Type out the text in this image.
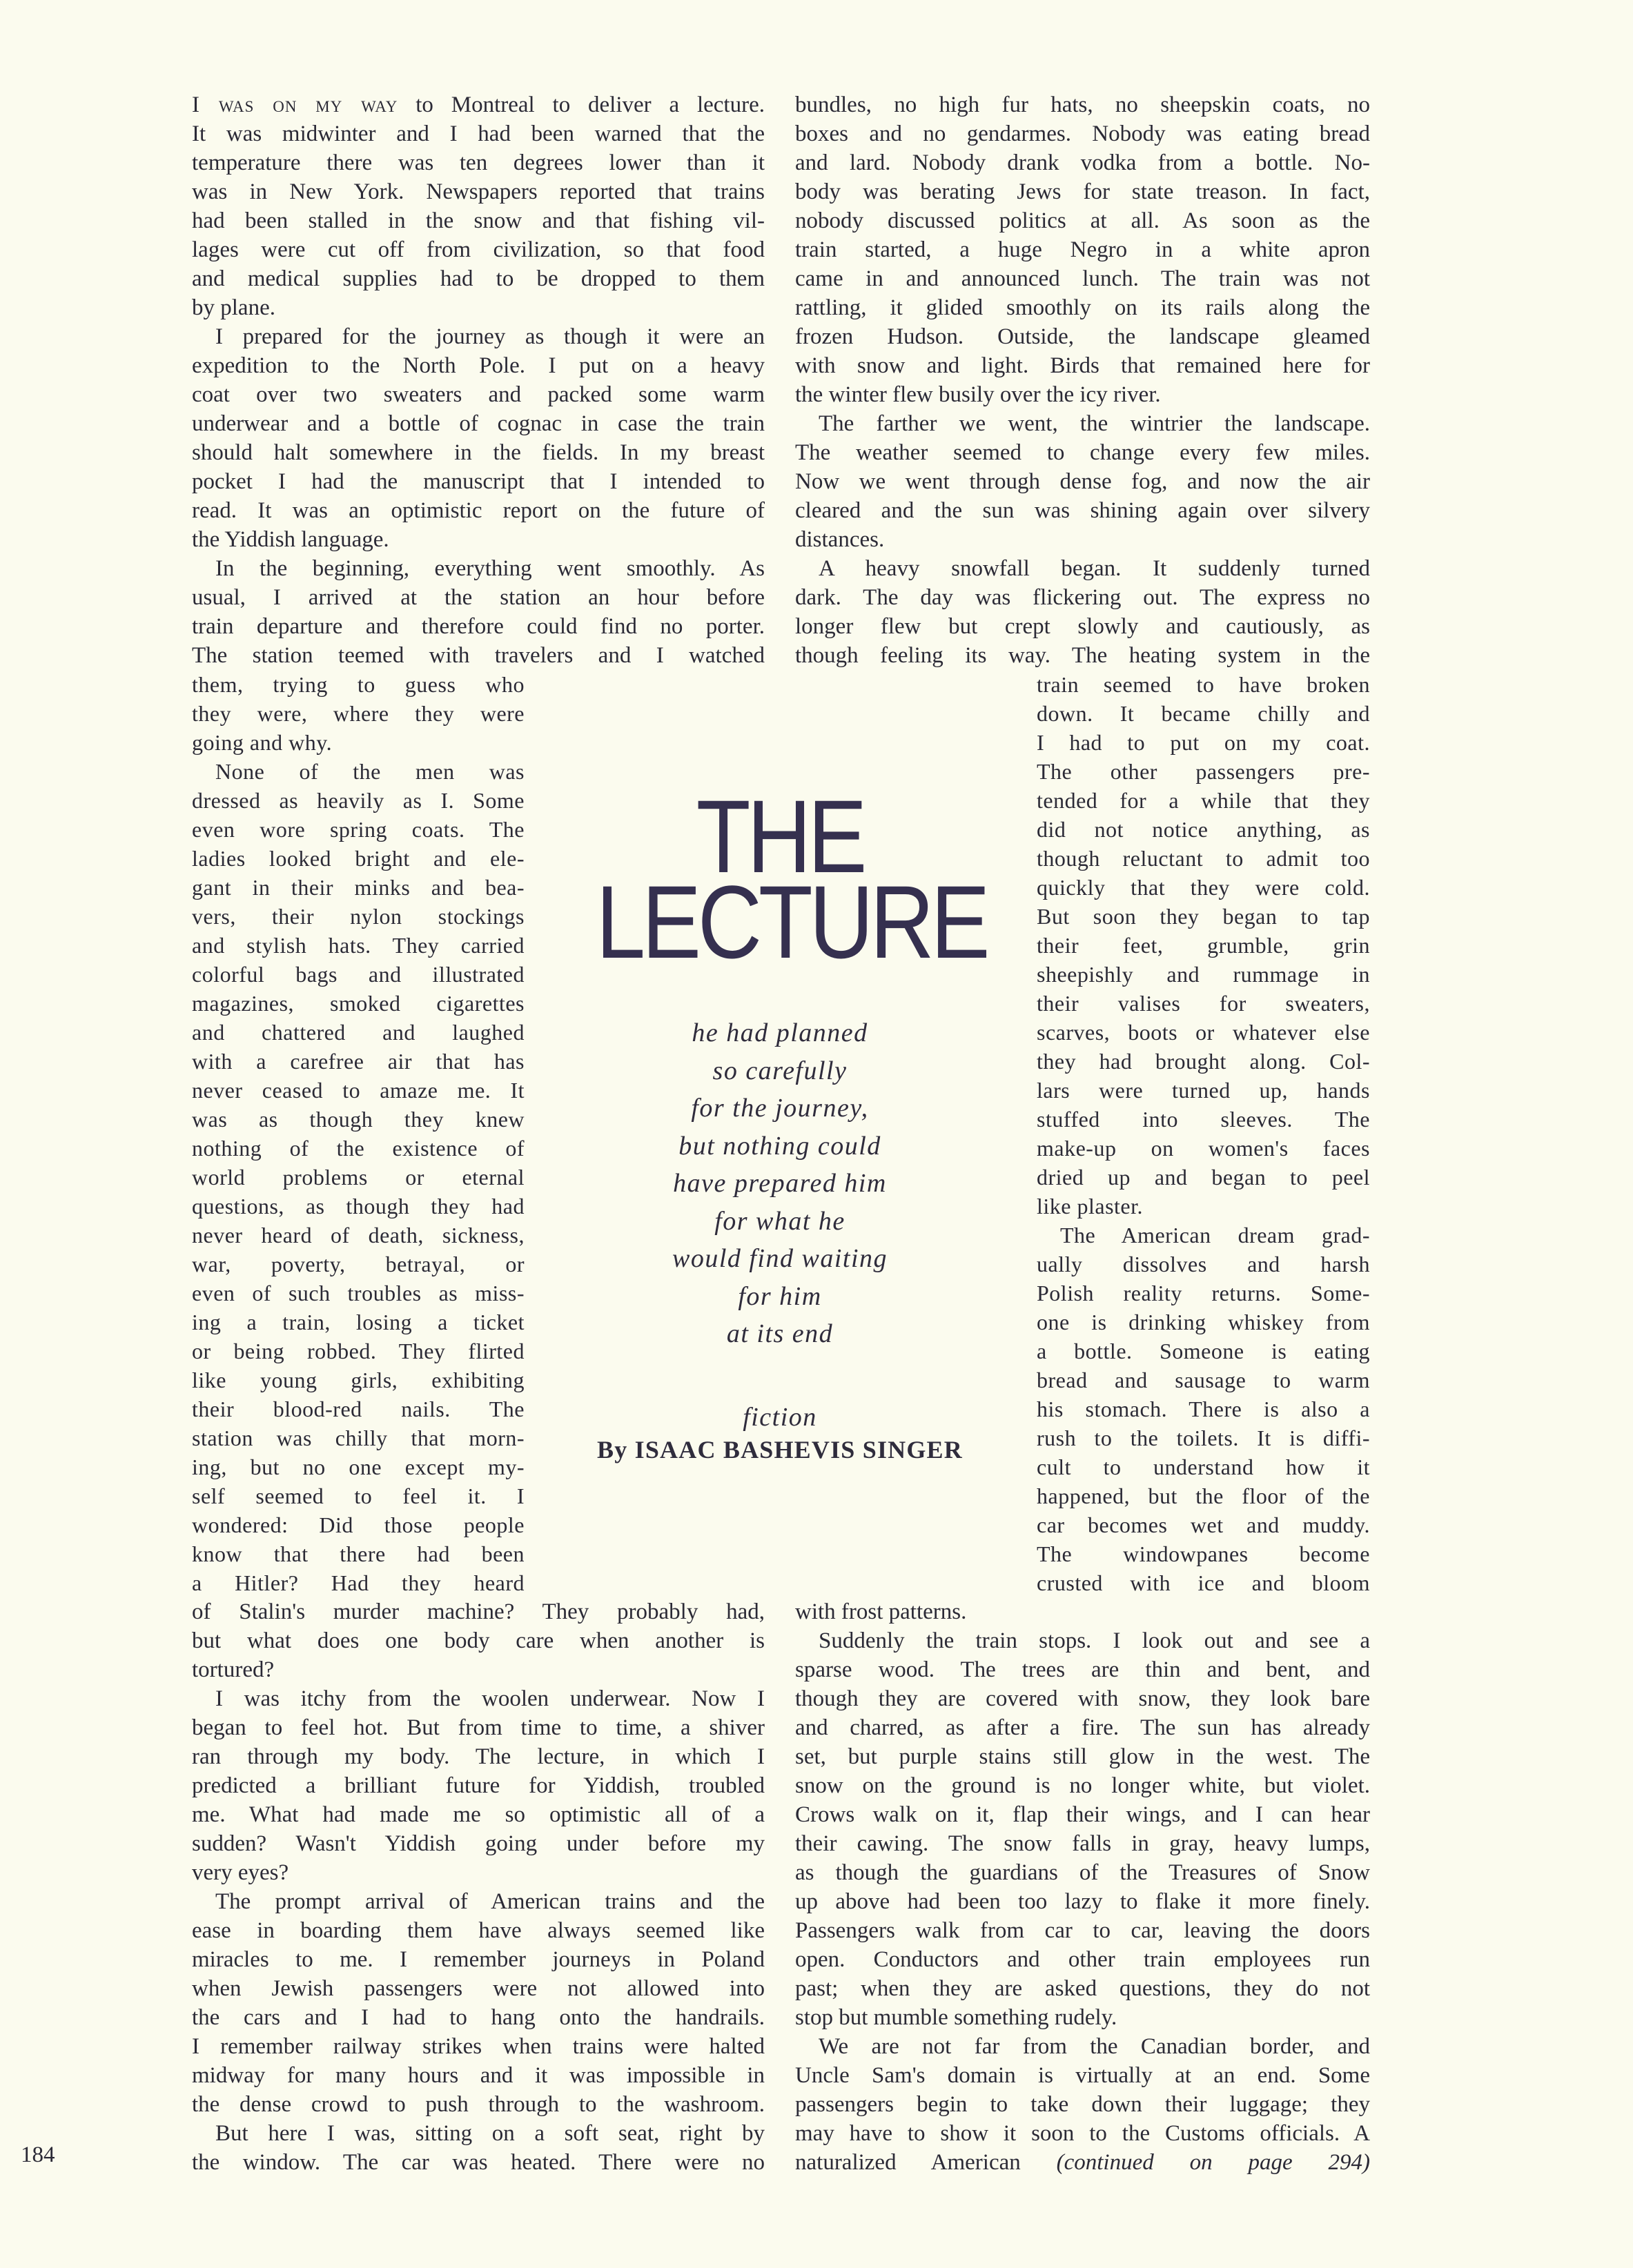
THE
LECTURE
he had planned
so carefully
for the journey,
but nothing could
have prepared him
for what he
would find waiting
for him
at its end
fiction
By ISAAC BASHEVIS SINGER
I was on my way to Montreal to deliver a lecture.
It was midwinter and I had been warned that the
temperature there was ten degrees lower than it
was in New York. Newspapers reported that trains
had been stalled in the snow and that fishing vil-
lages were cut off from civilization, so that food
and medical supplies had to be dropped to them
by plane.
I prepared for the journey as though it were an
expedition to the North Pole. I put on a heavy
coat over two sweaters and packed some warm
underwear and a bottle of cognac in case the train
should halt somewhere in the fields. In my breast
pocket I had the manuscript that I intended to
read. It was an optimistic report on the future of
the Yiddish language.
In the beginning, everything went smoothly. As
usual, I arrived at the station an hour before
train departure and therefore could find no porter.
The station teemed with travelers and I watched
them, trying to guess who
they were, where they were
going and why.
None of the men was
dressed as heavily as I. Some
even wore spring coats. The
ladies looked bright and ele-
gant in their minks and bea-
vers, their nylon stockings
and stylish hats. They carried
colorful bags and illustrated
magazines, smoked cigarettes
and chattered and laughed
with a carefree air that has
never ceased to amaze me. It
was as though they knew
nothing of the existence of
world problems or eternal
questions, as though they had
never heard of death, sickness,
war, poverty, betrayal, or
even of such troubles as miss-
ing a train, losing a ticket
or being robbed. They flirted
like young girls, exhibiting
their blood-red nails. The
station was chilly that morn-
ing, but no one except my-
self seemed to feel it. I
wondered: Did those people
know that there had been
a Hitler? Had they heard
of Stalin's murder machine? They probably had,
but what does one body care when another is
tortured?
I was itchy from the woolen underwear. Now I
began to feel hot. But from time to time, a shiver
ran through my body. The lecture, in which I
predicted a brilliant future for Yiddish, troubled
me. What had made me so optimistic all of a
sudden? Wasn't Yiddish going under before my
very eyes?
The prompt arrival of American trains and the
ease in boarding them have always seemed like
miracles to me. I remember journeys in Poland
when Jewish passengers were not allowed into
the cars and I had to hang onto the handrails.
I remember railway strikes when trains were halted
midway for many hours and it was impossible in
the dense crowd to push through to the washroom.
But here I was, sitting on a soft seat, right by
the window. The car was heated. There were no
bundles, no high fur hats, no sheepskin coats, no
boxes and no gendarmes. Nobody was eating bread
and lard. Nobody drank vodka from a bottle. No-
body was berating Jews for state treason. In fact,
nobody discussed politics at all. As soon as the
train started, a huge Negro in a white apron
came in and announced lunch. The train was not
rattling, it glided smoothly on its rails along the
frozen Hudson. Outside, the landscape gleamed
with snow and light. Birds that remained here for
the winter flew busily over the icy river.
The farther we went, the wintrier the landscape.
The weather seemed to change every few miles.
Now we went through dense fog, and now the air
cleared and the sun was shining again over silvery
distances.
A heavy snowfall began. It suddenly turned
dark. The day was flickering out. The express no
longer flew but crept slowly and cautiously, as
though feeling its way. The heating system in the
train seemed to have broken
down. It became chilly and
I had to put on my coat.
The other passengers pre-
tended for a while that they
did not notice anything, as
though reluctant to admit too
quickly that they were cold.
But soon they began to tap
their feet, grumble, grin
sheepishly and rummage in
their valises for sweaters,
scarves, boots or whatever else
they had brought along. Col-
lars were turned up, hands
stuffed into sleeves. The
make-up on women's faces
dried up and began to peel
like plaster.
The American dream grad-
ually dissolves and harsh
Polish reality returns. Some-
one is drinking whiskey from
a bottle. Someone is eating
bread and sausage to warm
his stomach. There is also a
rush to the toilets. It is diffi-
cult to understand how it
happened, but the floor of the
car becomes wet and muddy.
The windowpanes become
crusted with ice and bloom
with frost patterns.
Suddenly the train stops. I look out and see a
sparse wood. The trees are thin and bent, and
though they are covered with snow, they look bare
and charred, as after a fire. The sun has already
set, but purple stains still glow in the west. The
snow on the ground is no longer white, but violet.
Crows walk on it, flap their wings, and I can hear
their cawing. The snow falls in gray, heavy lumps,
as though the guardians of the Treasures of Snow
up above had been too lazy to flake it more finely.
Passengers walk from car to car, leaving the doors
open. Conductors and other train employees run
past; when they are asked questions, they do not
stop but mumble something rudely.
We are not far from the Canadian border, and
Uncle Sam's domain is virtually at an end. Some
passengers begin to take down their luggage; they
may have to show it soon to the Customs officials. A
naturalized American (continued on page 294)
184
